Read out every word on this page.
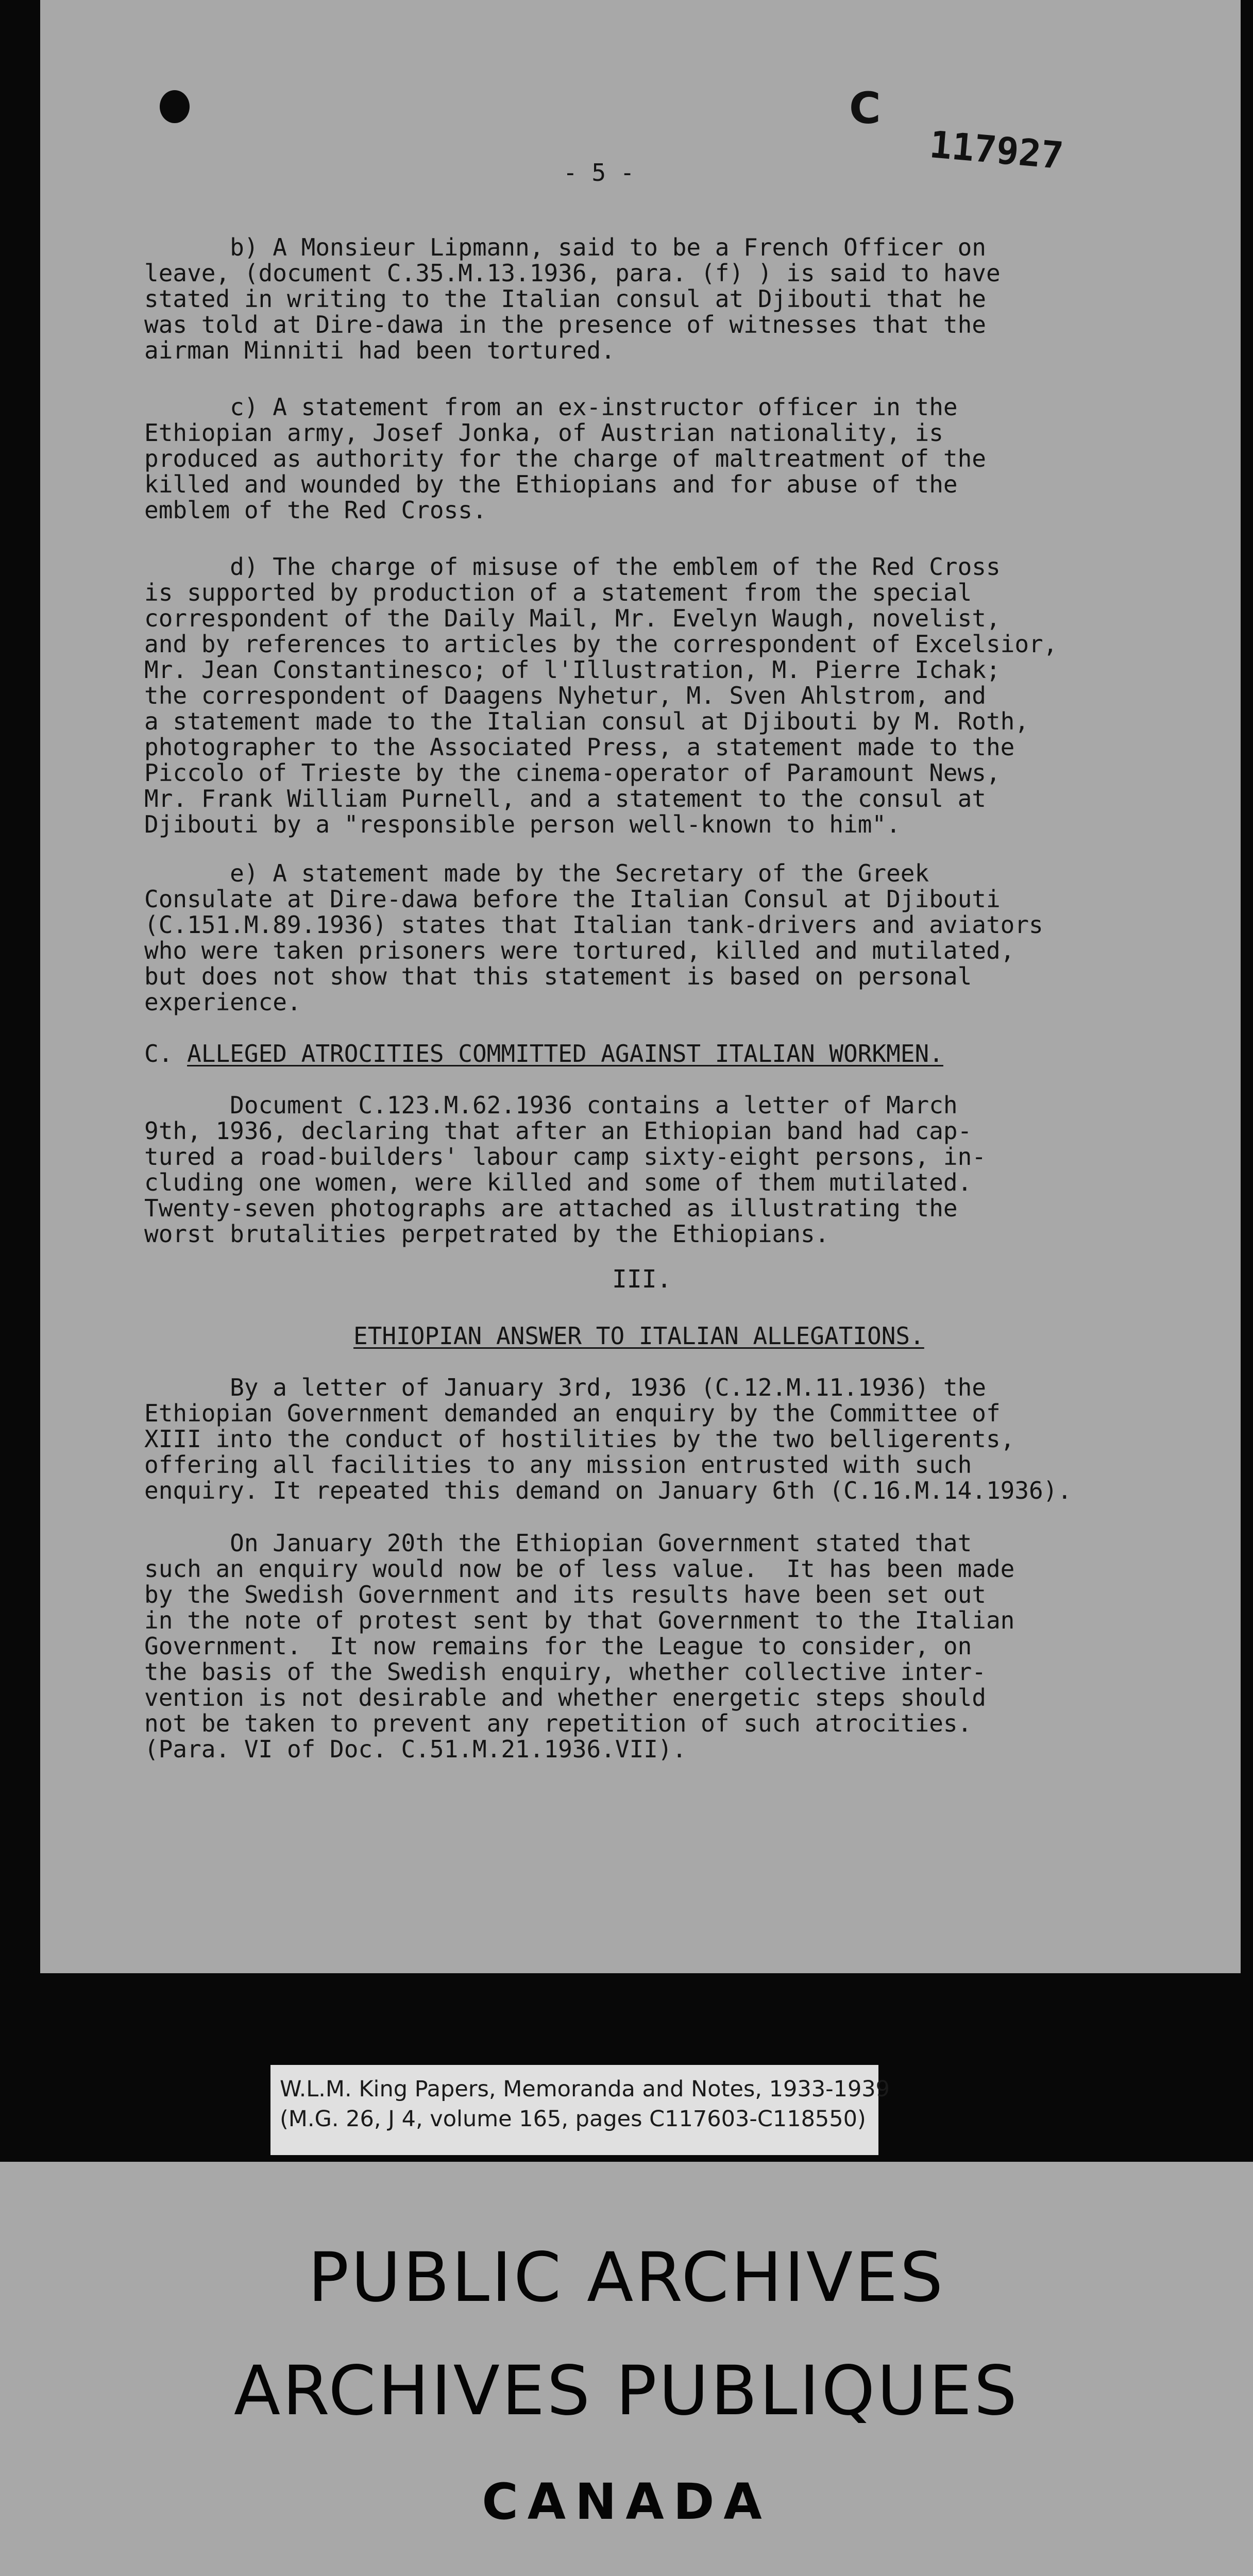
C
117927
- 5 -

b) A Monsieur Lipmann, said to be a French Officer on
leave, (document C.35.M.13.1936, para. (f) ) is said to have
stated in writing to the Italian consul at Djibouti that he
was told at Dire-dawa in the presence of witnesses that the
airman Minniti had been tortured.

c) A statement from an ex-instructor officer in the
Ethiopian army, Josef Jonka, of Austrian nationality, is
produced as authority for the charge of maltreatment of the
killed and wounded by the Ethiopians and for abuse of the
emblem of the Red Cross.

d) The charge of misuse of the emblem of the Red Cross
is supported by production of a statement from the special
correspondent of the Daily Mail, Mr. Evelyn Waugh, novelist,
and by references to articles by the correspondent of Excelsior,
Mr. Jean Constantinesco; of l'Illustration, M. Pierre Ichak;
the correspondent of Daagens Nyhetur, M. Sven Ahlstrom, and
a statement made to the Italian consul at Djibouti by M. Roth,
photographer to the Associated Press, a statement made to the
Piccolo of Trieste by the cinema-operator of Paramount News,
Mr. Frank William Purnell, and a statement to the consul at
Djibouti by a "responsible person well-known to him".

e) A statement made by the Secretary of the Greek
Consulate at Dire-dawa before the Italian Consul at Djibouti
(C.151.M.89.1936) states that Italian tank-drivers and aviators
who were taken prisoners were tortured, killed and mutilated,
but does not show that this statement is based on personal
experience.

C. ALLEGED ATROCITIES COMMITTED AGAINST ITALIAN WORKMEN.

Document C.123.M.62.1936 contains a letter of March
9th, 1936, declaring that after an Ethiopian band had cap-
tured a road-builders' labour camp sixty-eight persons, in-
cluding one women, were killed and some of them mutilated.
Twenty-seven photographs are attached as illustrating the
worst brutalities perpetrated by the Ethiopians.

III.
ETHIOPIAN ANSWER TO ITALIAN ALLEGATIONS.

By a letter of January 3rd, 1936 (C.12.M.11.1936) the
Ethiopian Government demanded an enquiry by the Committee of
XIII into the conduct of hostilities by the two belligerents,
offering all facilities to any mission entrusted with such
enquiry. It repeated this demand on January 6th (C.16.M.14.1936).

On January 20th the Ethiopian Government stated that
such an enquiry would now be of less value.  It has been made
by the Swedish Government and its results have been set out
in the note of protest sent by that Government to the Italian
Government.  It now remains for the League to consider, on
the basis of the Swedish enquiry, whether collective inter-
vention is not desirable and whether energetic steps should
not be taken to prevent any repetition of such atrocities.
(Para. VI of Doc. C.51.M.21.1936.VII).

W.L.M. King Papers, Memoranda and Notes, 1933-1939
(M.G. 26, J 4, volume 165, pages C117603-C118550)
PUBLIC ARCHIVES
ARCHIVES PUBLIQUES
CANADA
